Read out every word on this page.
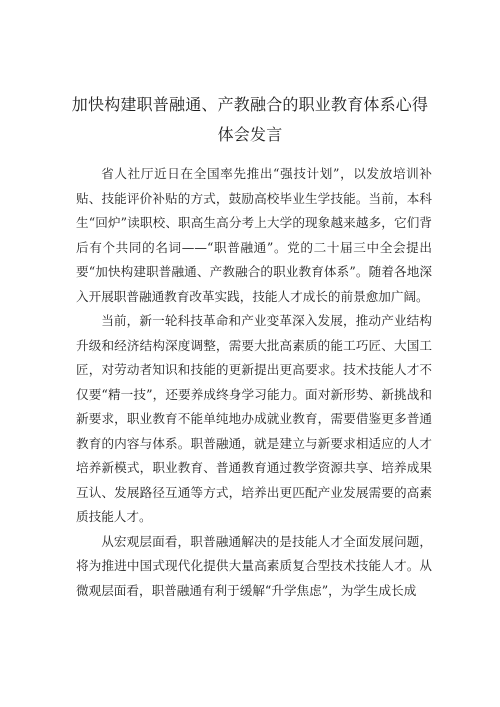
加快构建职普融通、产教融合的职业教育体系心得体会发言

省人社厅近日在全国率先推出“强技计划”，以发放培训补贴、技能评价补贴的方式，鼓励高校毕业生学技能。当前，本科生“回炉”读职校、职高生高分考上大学的现象越来越多，它们背后有个共同的名词——“职普融通”。党的二十届三中全会提出要“加快构建职普融通、产教融合的职业教育体系”。随着各地深入开展职普融通教育改革实践，技能人才成长的前景愈加广阔。

当前，新一轮科技革命和产业变革深入发展，推动产业结构升级和经济结构深度调整，需要大批高素质的能工巧匠、大国工匠，对劳动者知识和技能的更新提出更高要求。技术技能人才不仅要“精一技”，还要养成终身学习能力。面对新形势、新挑战和新要求，职业教育不能单纯地办成就业教育，需要借鉴更多普通教育的内容与体系。职普融通，就是建立与新要求相适应的人才培养新模式，职业教育、普通教育通过教学资源共享、培养成果互认、发展路径互通等方式，培养出更匹配产业发展需要的高素质技能人才。

从宏观层面看，职普融通解决的是技能人才全面发展问题，将为推进中国式现代化提供大量高素质复合型技术技能人才。从微观层面看，职普融通有利于缓解“升学焦虑”，为学生成长成
